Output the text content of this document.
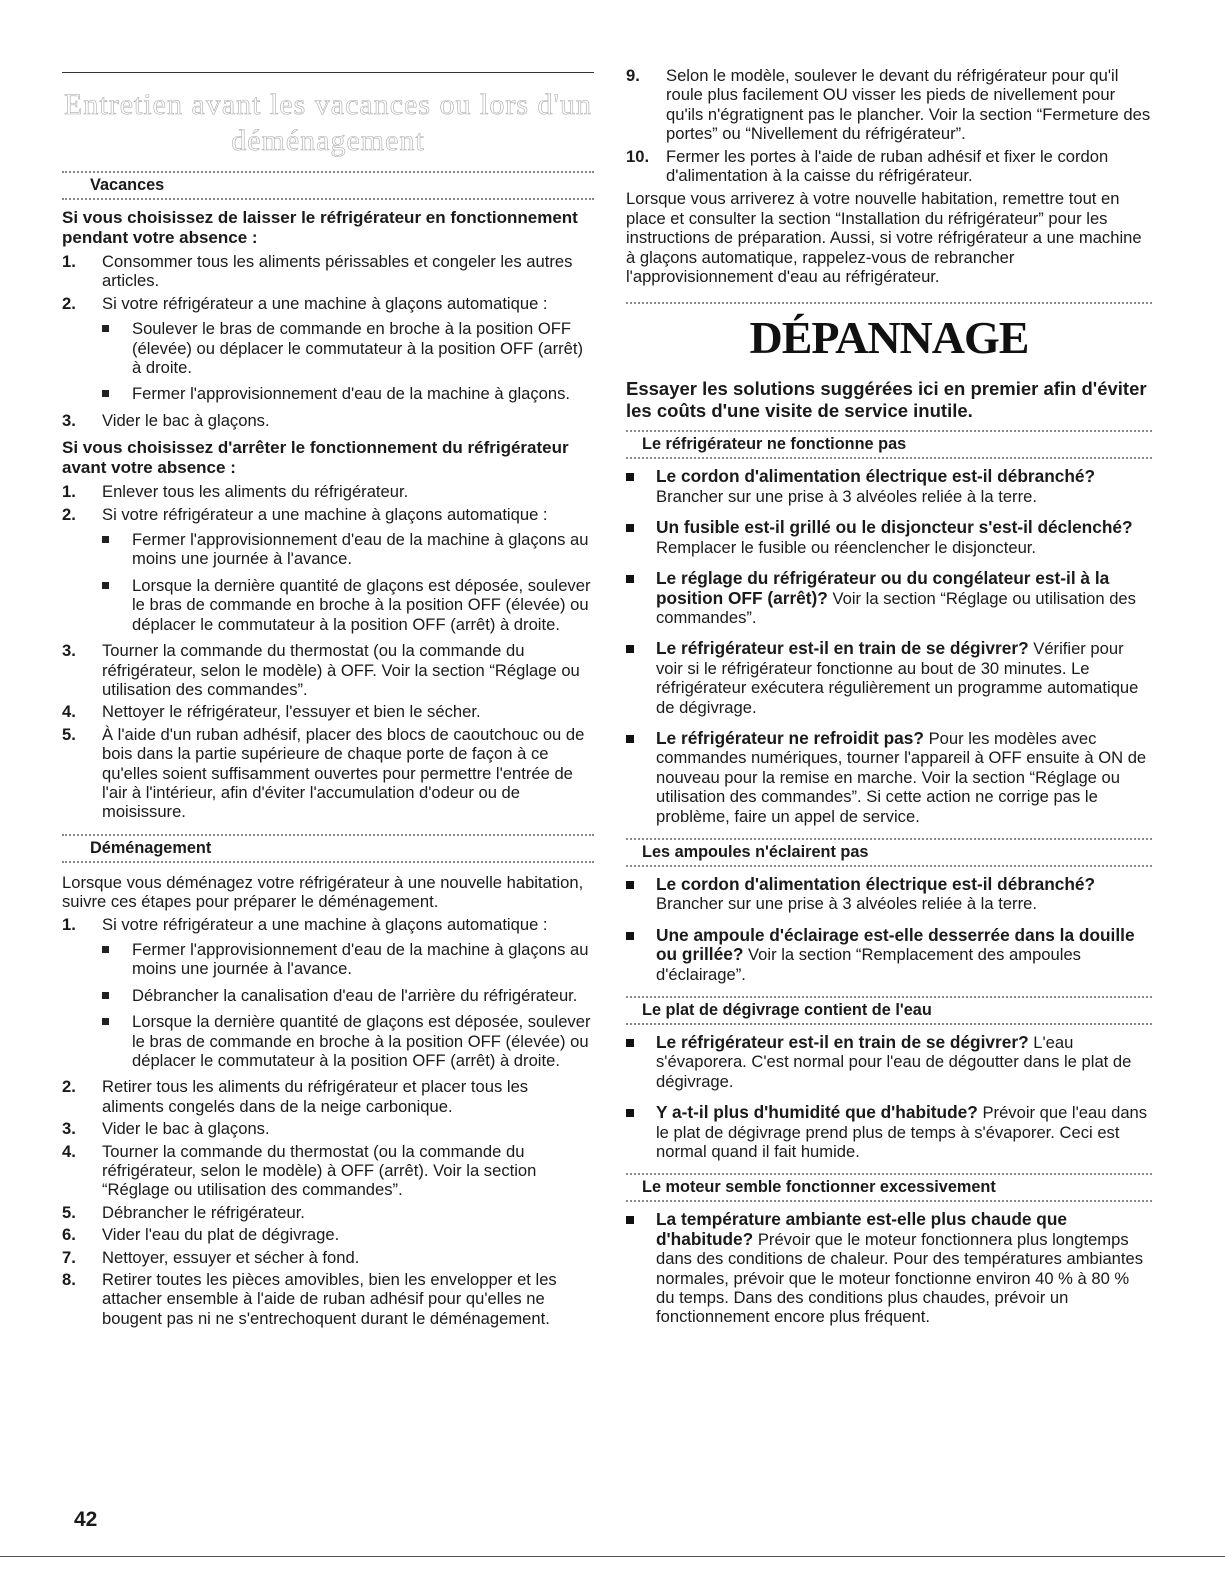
Entretien avant les vacances ou lors d'un
déménagement
Vacances

Si vous choisissez de laisser le réfrigérateur en fonctionnement pendant votre absence :

1.	Consommer tous les aliments périssables et congeler les autres articles.
2.	Si votre réfrigérateur a une machine à glaçons automatique :
Soulever le bras de commande en broche à la position OFF (élevée) ou déplacer le commutateur à la position OFF (arrêt) à droite.
Fermer l'approvisionnement d'eau de la machine à glaçons.
3.	Vider le bac à glaçons.

Si vous choisissez d'arrêter le fonctionnement du réfrigérateur avant votre absence :

1.	Enlever tous les aliments du réfrigérateur.
2.	Si votre réfrigérateur a une machine à glaçons automatique :
Fermer l'approvisionnement d'eau de la machine à glaçons au moins une journée à l'avance.
Lorsque la dernière quantité de glaçons est déposée, soulever le bras de commande en broche à la position OFF (élevée) ou déplacer le commutateur à la position OFF (arrêt) à droite.
3.	Tourner la commande du thermostat (ou la commande du réfrigérateur, selon le modèle) à OFF. Voir la section “Réglage ou utilisation des commandes”.
4.	Nettoyer le réfrigérateur, l'essuyer et bien le sécher.
5.	À l'aide d'un ruban adhésif, placer des blocs de caoutchouc ou de bois dans la partie supérieure de chaque porte de façon à ce qu'elles soient suffisamment ouvertes pour permettre l'entrée de l'air à l'intérieur, afin d'éviter l'accumulation d'odeur ou de moisissure.
Déménagement

Lorsque vous déménagez votre réfrigérateur à une nouvelle habitation, suivre ces étapes pour préparer le déménagement.

1.	Si votre réfrigérateur a une machine à glaçons automatique :
Fermer l'approvisionnement d'eau de la machine à glaçons au moins une journée à l'avance.
Débrancher la canalisation d'eau de l'arrière du réfrigérateur.
Lorsque la dernière quantité de glaçons est déposée, soulever le bras de commande en broche à la position OFF (élevée) ou déplacer le commutateur à la position OFF (arrêt) à droite.
2.	Retirer tous les aliments du réfrigérateur et placer tous les aliments congelés dans de la neige carbonique.
3.	Vider le bac à glaçons.
4.	Tourner la commande du thermostat (ou la commande du réfrigérateur, selon le modèle) à OFF (arrêt). Voir la section “Réglage ou utilisation des commandes”.
5.	Débrancher le réfrigérateur.
6.	Vider l'eau du plat de dégivrage.
7.	Nettoyer, essuyer et sécher à fond.
8.	Retirer toutes les pièces amovibles, bien les envelopper et les attacher ensemble à l'aide de ruban adhésif pour qu'elles ne bougent pas ni ne s'entrechoquent durant le déménagement.
9.	Selon le modèle, soulever le devant du réfrigérateur pour qu'il roule plus facilement OU visser les pieds de nivellement pour qu'ils n'égratignent pas le plancher. Voir la section “Fermeture des portes” ou “Nivellement du réfrigérateur”.
10.	Fermer les portes à l'aide de ruban adhésif et fixer le cordon d'alimentation à la caisse du réfrigérateur.

Lorsque vous arriverez à votre nouvelle habitation, remettre tout en place et consulter la section “Installation du réfrigérateur” pour les instructions de préparation. Aussi, si votre réfrigérateur a une machine à glaçons automatique, rappelez-vous de rebrancher l'approvisionnement d'eau au réfrigérateur.

DÉPANNAGE

Essayer les solutions suggérées ici en premier afin d'éviter les coûts d'une visite de service inutile.

Le réfrigérateur ne fonctionne pas
Le cordon d'alimentation électrique est-il débranché?
Brancher sur une prise à 3 alvéoles reliée à la terre.
Un fusible est-il grillé ou le disjoncteur s'est-il déclenché?
Remplacer le fusible ou réenclencher le disjoncteur.
Le réglage du réfrigérateur ou du congélateur est-il à la position OFF (arrêt)? Voir la section “Réglage ou utilisation des commandes”.
Le réfrigérateur est-il en train de se dégivrer? Vérifier pour voir si le réfrigérateur fonctionne au bout de 30 minutes. Le réfrigérateur exécutera régulièrement un programme automatique de dégivrage.
Le réfrigérateur ne refroidit pas? Pour les modèles avec commandes numériques, tourner l'appareil à OFF ensuite à ON de nouveau pour la remise en marche. Voir la section “Réglage ou utilisation des commandes”. Si cette action ne corrige pas le problème, faire un appel de service.
Les ampoules n'éclairent pas
Le cordon d'alimentation électrique est-il débranché?
Brancher sur une prise à 3 alvéoles reliée à la terre.
Une ampoule d'éclairage est-elle desserrée dans la douille ou grillée? Voir la section “Remplacement des ampoules d'éclairage”.
Le plat de dégivrage contient de l'eau
Le réfrigérateur est-il en train de se dégivrer? L'eau s'évaporera. C'est normal pour l'eau de dégoutter dans le plat de dégivrage.
Y a-t-il plus d'humidité que d'habitude? Prévoir que l'eau dans le plat de dégivrage prend plus de temps à s'évaporer. Ceci est normal quand il fait humide.
Le moteur semble fonctionner excessivement
La température ambiante est-elle plus chaude que d'habitude? Prévoir que le moteur fonctionnera plus longtemps dans des conditions de chaleur. Pour des températures ambiantes normales, prévoir que le moteur fonctionne environ 40 % à 80 % du temps. Dans des conditions plus chaudes, prévoir un fonctionnement encore plus fréquent.
42
